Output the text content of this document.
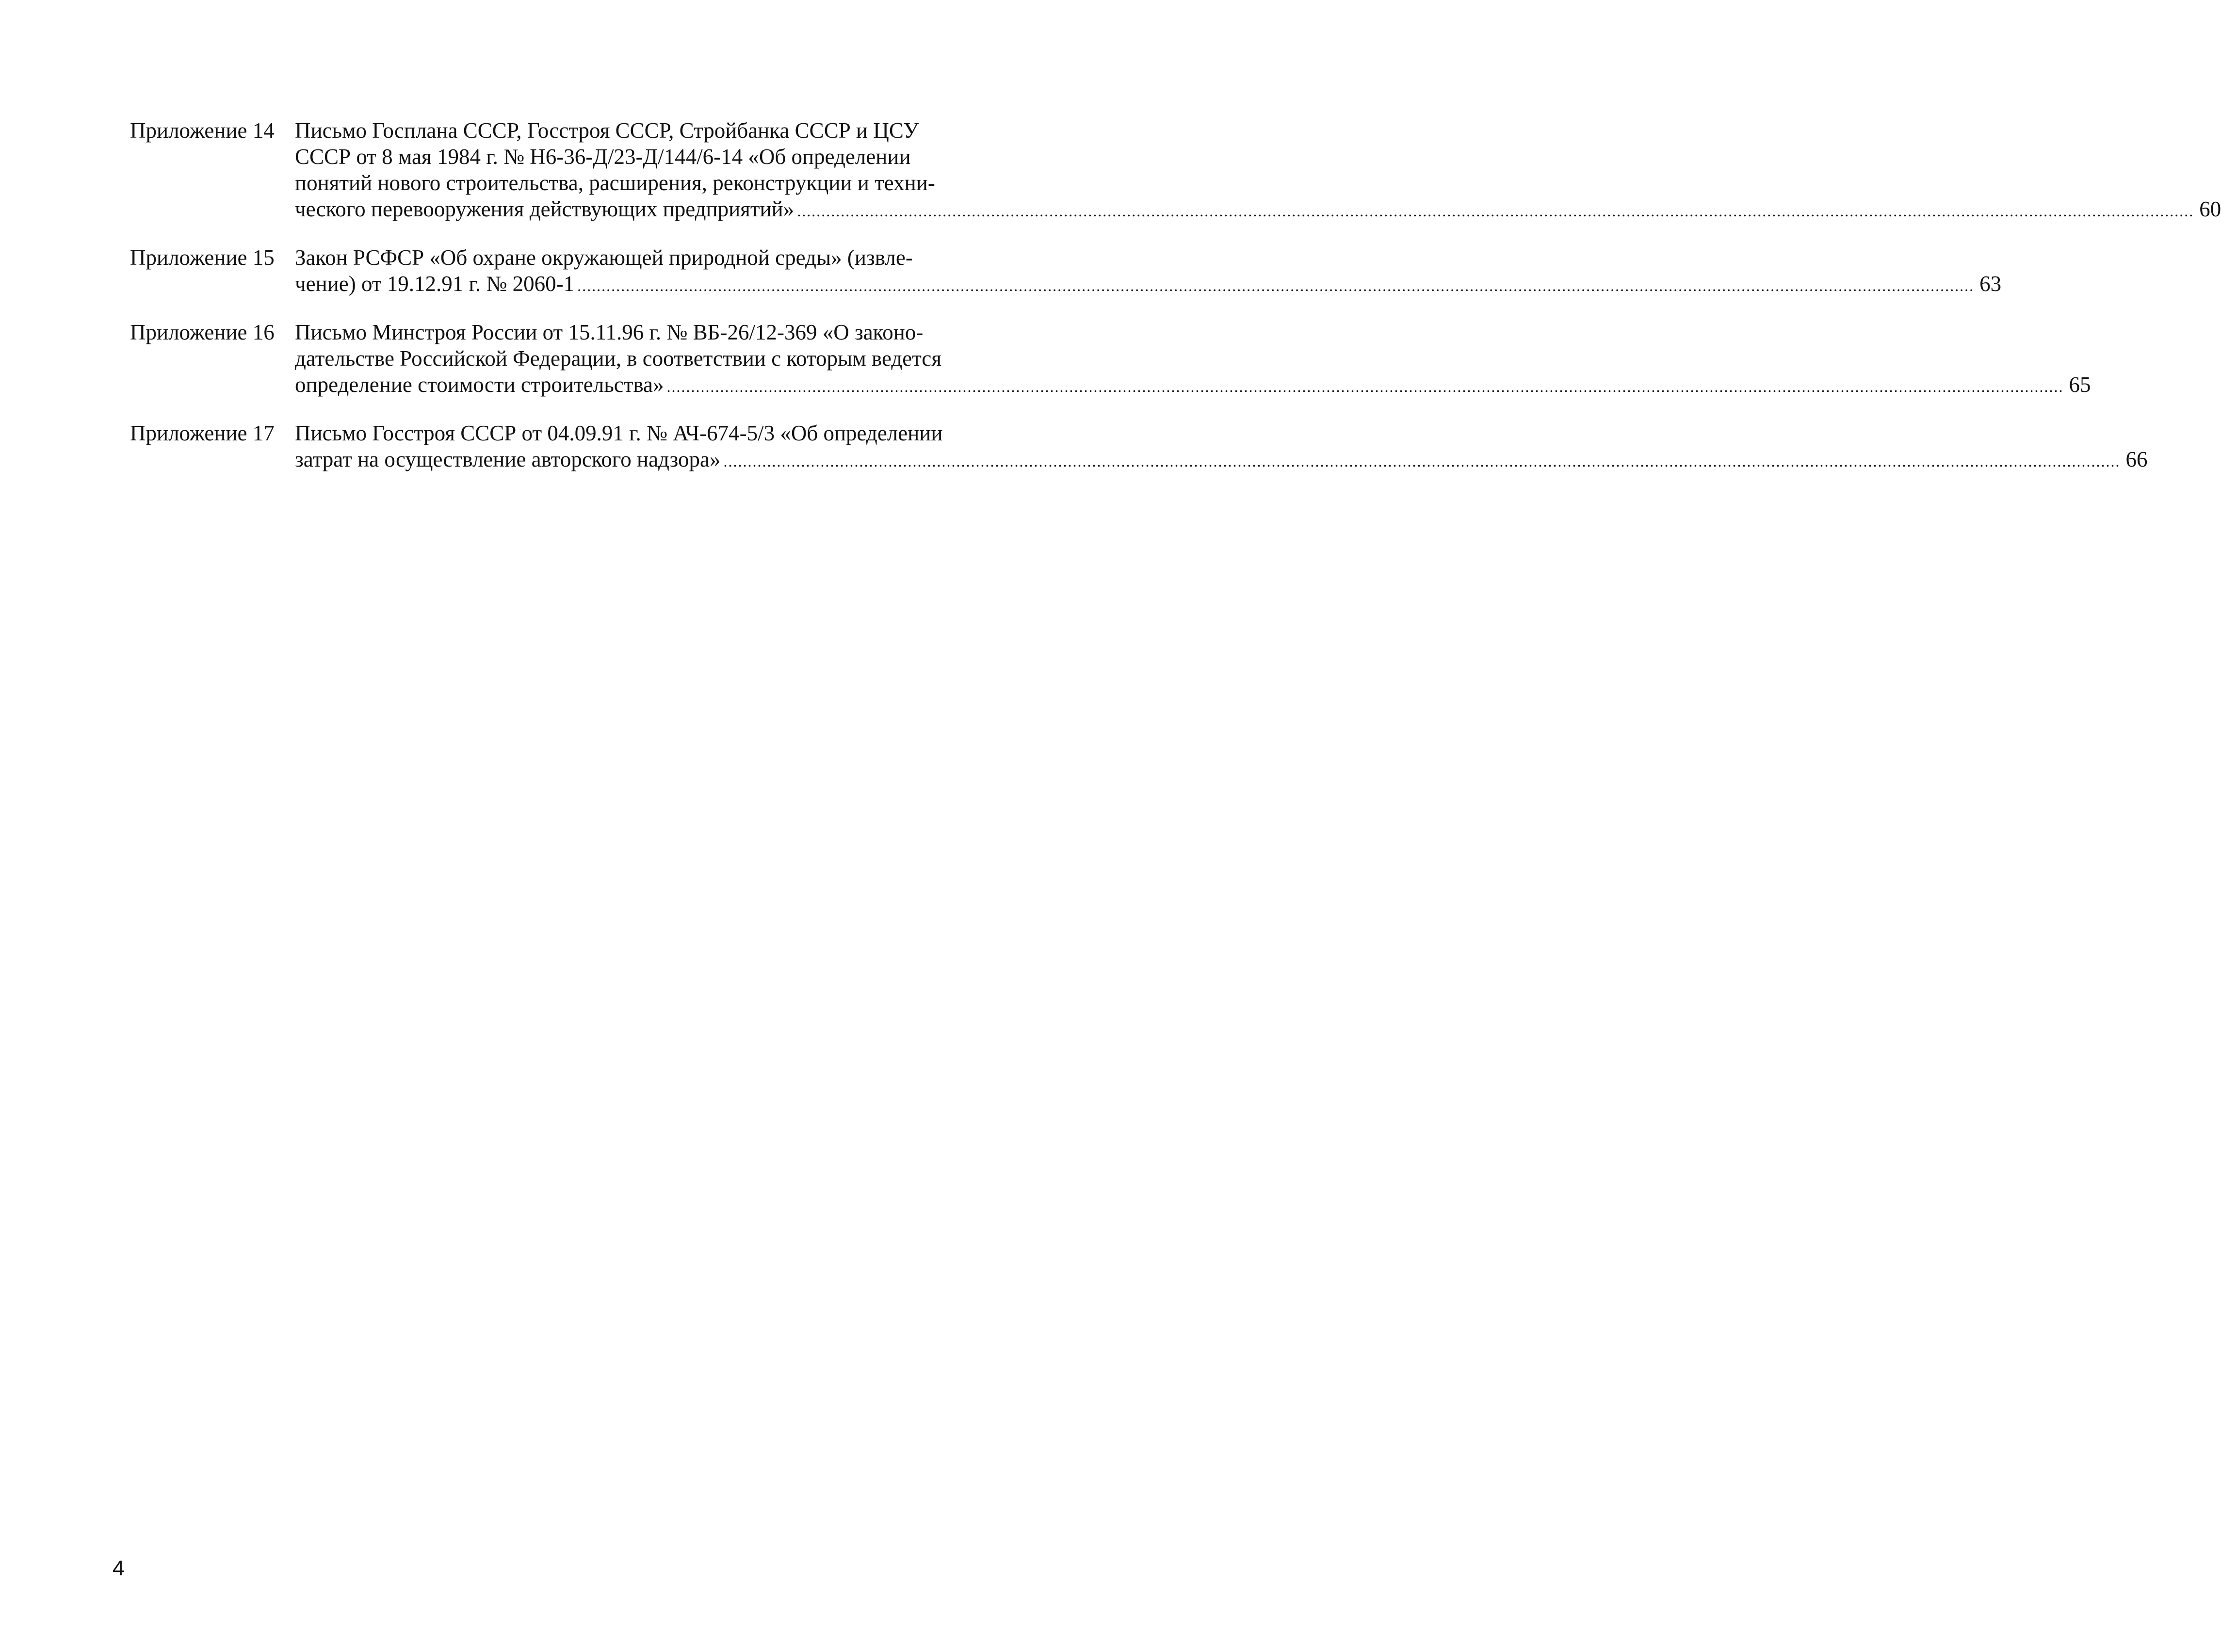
Приложение 14 Письмо Госплана СССР, Госстроя СССР, Стройбанка СССР и ЦСУ
СССР от 8 мая 1984 г. № Н6-36-Д/23-Д/144/6-14 «Об определении
понятий нового строительства, расширения, реконструкции и техни-
ческого перевооружения действующих предприятий» .....	60
Приложение 15 Закон РСФСР «Об охране окружающей природной среды» (извле-
чение) от 19.12.91 г. № 2060-1 .....	63
Приложение 16 Письмо Минстроя России от 15.11.96 г. № ВБ-26/12-369 «О законо-
дательстве Российской Федерации, в соответствии с которым ведется
определение стоимости строительства» .....	65
Приложение 17 Письмо Госстроя СССР от 04.09.91 г. № АЧ-674-5/3 «Об определении
затрат на осуществление авторского надзора» .....	66
4
